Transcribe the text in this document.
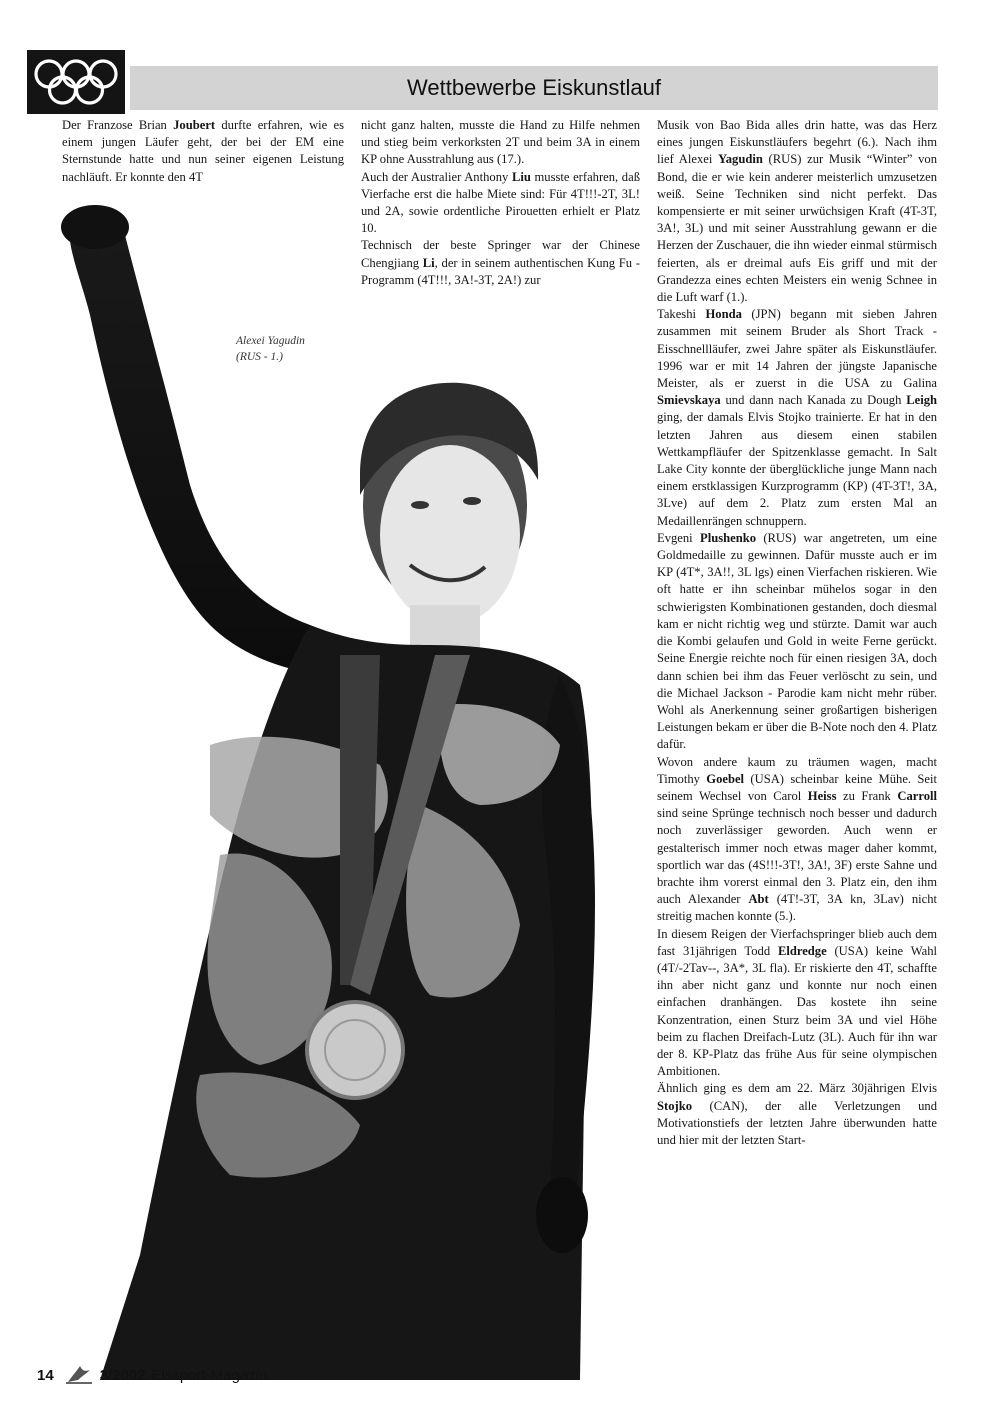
Wettbewerbe Eiskunstlauf
Alexei Yagudin
(RUS - 1.)

Der Franzose Brian Joubert durfte erfahren, wie es einem jungen Läufer geht, der bei der EM eine Sternstunde hatte und nun seiner eigenen Leistung nachläuft. Er konnte den 4T

nicht ganz halten, musste die Hand zu Hilfe nehmen und stieg beim verkorksten 2T und beim 3A in einem KP ohne Ausstrahlung aus (17.).

Auch der Australier Anthony Liu musste erfahren, daß Vierfache erst die halbe Miete sind: Für 4T!!!-2T, 3L! und 2A, sowie ordentliche Pirouetten erhielt er Platz 10.

Technisch der beste Springer war der Chinese Chengjiang Li, der in seinem authentischen Kung Fu - Programm (4T!!!, 3A!-3T, 2A!) zur

Musik von Bao Bida alles drin hatte, was das Herz eines jungen Eiskunstläufers begehrt (6.). Nach ihm lief Alexei Yagudin (RUS) zur Musik “Winter” von Bond, die er wie kein anderer meisterlich umzusetzen weiß. Seine Techniken sind nicht perfekt. Das kompensierte er mit seiner urwüchsigen Kraft (4T-3T, 3A!, 3L) und mit seiner Ausstrahlung gewann er die Herzen der Zuschauer, die ihn wieder einmal stürmisch feierten, als er dreimal aufs Eis griff und mit der Grandezza eines echten Meisters ein wenig Schnee in die Luft warf (1.).

Takeshi Honda (JPN) begann mit sieben Jahren zusammen mit seinem Bruder als Short Track - Eisschnellläufer, zwei Jahre später als Eiskunstläufer. 1996 war er mit 14 Jahren der jüngste Japanische Meister, als er zuerst in die USA zu Galina Smievskaya und dann nach Kanada zu Dough Leigh ging, der damals Elvis Stojko trainierte. Er hat in den letzten Jahren aus diesem einen stabilen Wettkampfläufer der Spitzenklasse gemacht. In Salt Lake City konnte der überglückliche junge Mann nach einem erstklassigen Kurzprogramm (KP) (4T-3T!, 3A, 3Lve) auf dem 2. Platz zum ersten Mal an Medaillenrängen schnuppern.

Evgeni Plushenko (RUS) war angetreten, um eine Goldmedaille zu gewinnen. Dafür musste auch er im KP (4T*, 3A!!, 3L lgs) einen Vierfachen riskieren. Wie oft hatte er ihn scheinbar mühelos sogar in den schwierigsten Kombinationen gestanden, doch diesmal kam er nicht richtig weg und stürzte. Damit war auch die Kombi gelaufen und Gold in weite Ferne gerückt. Seine Energie reichte noch für einen riesigen 3A, doch dann schien bei ihm das Feuer verlöscht zu sein, und die Michael Jackson - Parodie kam nicht mehr rüber. Wohl als Anerkennung seiner großartigen bisherigen Leistungen bekam er über die B-Note noch den 4. Platz dafür.

Wovon andere kaum zu träumen wagen, macht Timothy Goebel (USA) scheinbar keine Mühe. Seit seinem Wechsel von Carol Heiss zu Frank Carroll sind seine Sprünge technisch noch besser und dadurch noch zuverlässiger geworden. Auch wenn er gestalterisch immer noch etwas mager daher kommt, sportlich war das (4S!!!-3T!, 3A!, 3F) erste Sahne und brachte ihm vorerst einmal den 3. Platz ein, den ihm auch Alexander Abt (4T!-3T, 3A kn, 3Lav) nicht streitig machen konnte (5.).

In diesem Reigen der Vierfachspringer blieb auch dem fast 31jährigen Todd Eldredge (USA) keine Wahl (4T/-2Tav--, 3A*, 3L fla). Er riskierte den 4T, schaffte ihn aber nicht ganz und konnte nur noch einen einfachen dranhängen. Das kostete ihn seine Konzentration, einen Sturz beim 3A und viel Höhe beim zu flachen Dreifach-Lutz (3L). Auch für ihn war der 8. KP-Platz das frühe Aus für seine olympischen Ambitionen.

Ähnlich ging es dem am 22. März 30jährigen Elvis Stojko (CAN), der alle Verletzungen und Motivationstiefs der letzten Jahre überwunden hatte und hier mit der letzten Start-

14	3/2002 Eissport-Magazin
